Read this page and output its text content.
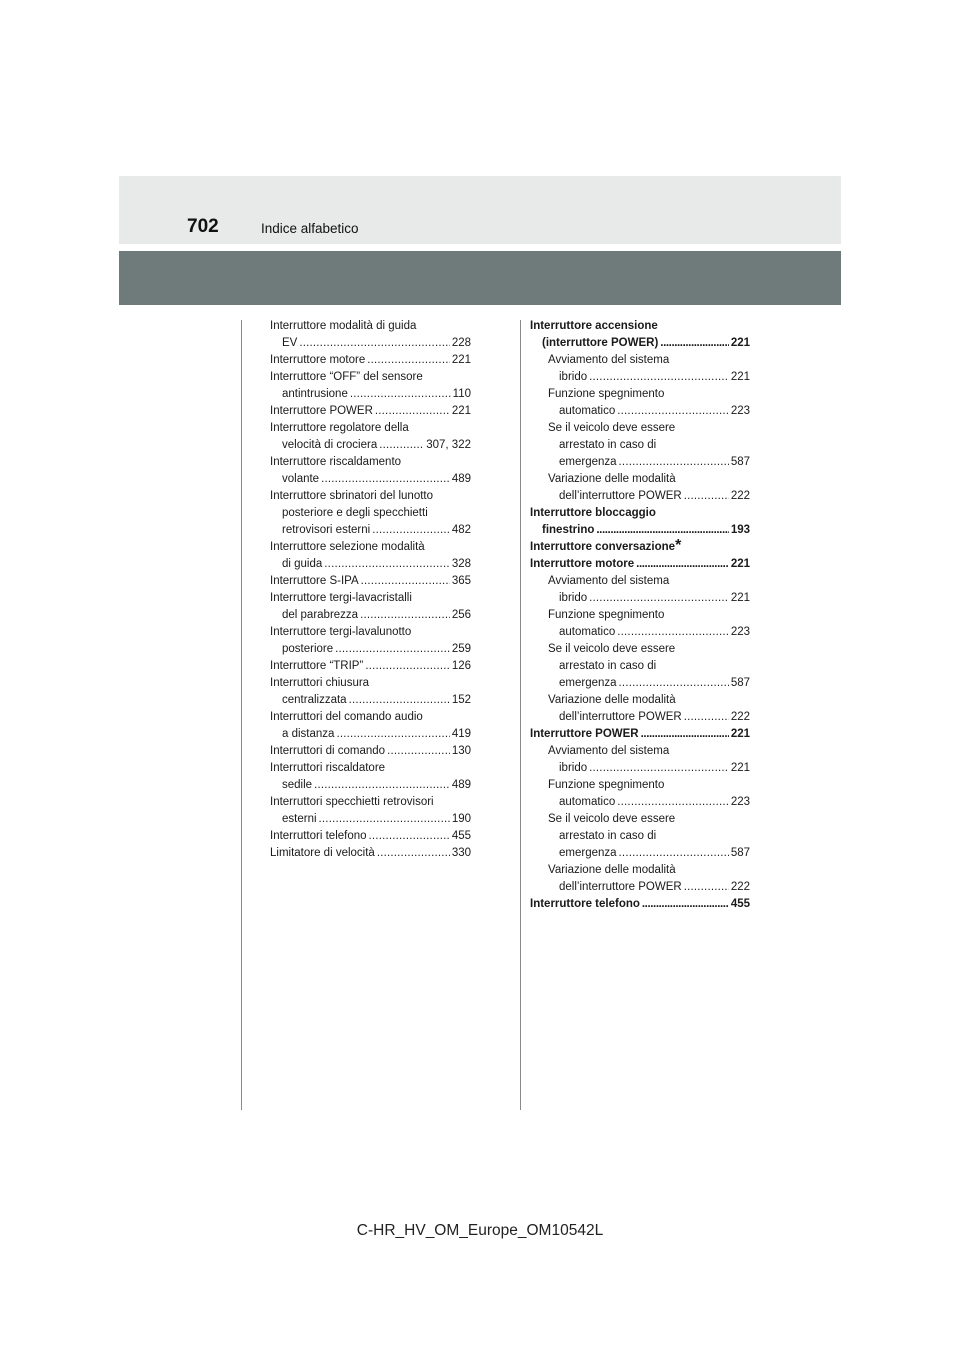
702	Indice alfabetico
Interruttore modalità di guida
EV . . .	228
Interruttore motore . . .	221
Interruttore “OFF” del sensore
antintrusione . . .	110
Interruttore POWER . . .	221
Interruttore regolatore della
velocità di crociera . . .	307, 322
Interruttore riscaldamento
volante . . .	489
Interruttore sbrinatori del lunotto
posteriore e degli specchietti
retrovisori esterni . . .	482
Interruttore selezione modalità
di guida . . .	328
Interruttore S-IPA . . .	365
Interruttore tergi-lavacristalli
del parabrezza . . .	256
Interruttore tergi-lavalunotto
posteriore . . .	259
Interruttore “TRIP” . . .	126
Interruttori chiusura
centralizzata . . .	152
Interruttori del comando audio
a distanza . . .	419
Interruttori di comando . . .	130
Interruttori riscaldatore
sedile . . .	489
Interruttori specchietti retrovisori
esterni . . .	190
Interruttori telefono . . .	455
Limitatore di velocità . . .	330
Interruttore accensione
(interruttore POWER) . . .	221
Avviamento del sistema
ibrido . . .	221
Funzione spegnimento
automatico . . .	223
Se il veicolo deve essere
arrestato in caso di
emergenza . . .	587
Variazione delle modalità
dell’interruttore POWER . . .	222
Interruttore bloccaggio
finestrino . . .	193
Interruttore conversazione *
Interruttore motore . . .	221
Avviamento del sistema
ibrido . . .	221
Funzione spegnimento
automatico . . .	223
Se il veicolo deve essere
arrestato in caso di
emergenza . . .	587
Variazione delle modalità
dell’interruttore POWER . . .	222
Interruttore POWER . . .	221
Avviamento del sistema
ibrido . . .	221
Funzione spegnimento
automatico . . .	223
Se il veicolo deve essere
arrestato in caso di
emergenza . . .	587
Variazione delle modalità
dell’interruttore POWER . . .	222
Interruttore telefono . . .	455
C-HR_HV_OM_Europe_OM10542L
